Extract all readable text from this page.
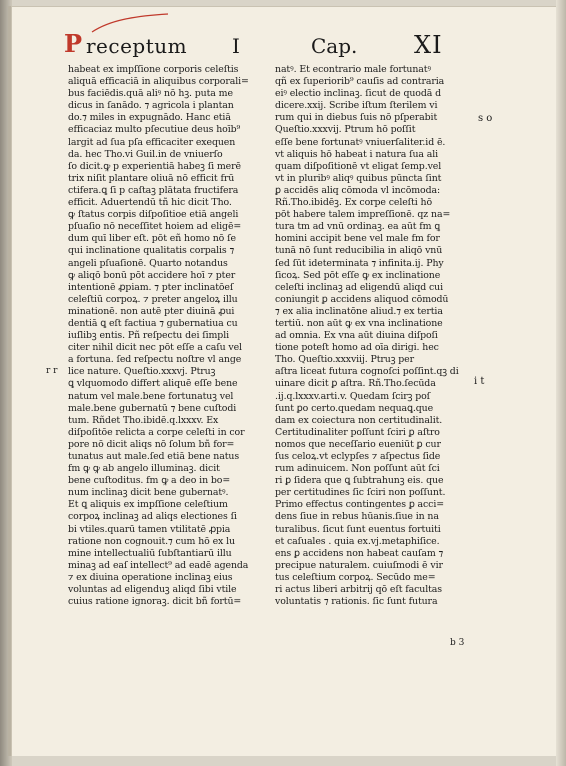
P receptum I	Cap. XI
habeat ex impſſione corporis celeſtis
aliquā efficaciā in aliquibus corporali=
bus faciēdis.quā aliꝰ nō hꝫ. puta me
dicus in ſanādo. ⁊ agricola i plantan
do.⁊ miles in expugnādo. Hanc etiā
efficaciaz multo pſecutiue deus hoīb⁹
largit ad ſua pſa efficaciter exequen
da. hec Tho.vi Guil.in de vniuerſo
ſo dicit.ꝙ p experientiā habeꝫ ſi merē
trix niſit plantare oliuā nō efficit frū
ctifera.ꝗ ſi p caſtaꝫ plātata fructifera
efficit. Aduertendū tñ hic dicit Tho.
ꝙ ſtatus corpis diſpoſitioe etiā angeli
pſuaſio nō neceſſitet hoiem ad eligē=
dum quī liber eſt. pōt eñ homo nō ſe
qui inclinatione qualitatis corpalis ⁊
angeli pſuaſionē. Quarto notandus
ꝙ aliqō bonū pōt accidere hoī ⁊ pter
intentionē ꝓpiam. ⁊ pter inclinatōeſ
celeſtiū corpoꝝ. ⁊ preter angeloꝝ illu
minationē. non autē pter diuinā ꝓui
dentiā ꝗ eſt factiua ⁊ gubernatiua cu
iuſlibꝫ entis. Pñ reſpectu dei ſimpli
citer nihil dicit nec pōt eſſe a caſu vel
a fortuna. ſed reſpectu noſtre vl ange
lice nature. Queſtio.xxxvj. Ptruꝫ
ꝗ vlquomodo differt aliquē eſſe bene
natum vel male.bene fortunatuꝫ vel
male.bene gubernatū ⁊ bene cuſtodi
tum. Rñdet Tho.ibidē.q.lxxxv. Ex
diſpoſitōe relicta a corpe celeſti in cor
pore nō dicit aliqs nō ſolum bñ for=
tunatus aut male.ſed etiā bene natus
fm ꝙ ꝙ ab angelo illuminaꝫ. dicit
bene cuſtoditus. fm ꝙ a deo in bo=
num inclinaꝫ dicit bene gubernatꝰ.
Et ꝗ aliquis ex impſſione celeſtium
corpoꝝ inclinaꝫ ad aliqs electiones ſi
bi vtiles.quarū tamen vtilitatē ꝓpia
ratione non cognouit.⁊ cum hō ex lu
mine intellectualiū ſubſtantiarū illu
minaꝫ ad eaſ intellect⁹ ad eadē agenda
⁊ ex diuina operatione inclinaꝫ eius
voluntas ad eligenduꝫ aliqd ſibi vtile
cuius ratione ignoraꝫ. dicit bñ fortū=
natꝰ. Et econtrario male fortunatꝰ
qñ ex ſuperiorib⁹ cauſis ad contraria
eiꝰ electio inclinaꝫ. ſicut de quodā d
dicere.xxij. Scribe iſtum ſterilem vi
rum qui in diebus ſuis nō pſperabit
Queſtio.xxxvij. Ptrum hō poſſit
eſſe bene fortunatꝰ vniuerſaliter.id ē.
vt aliquis hō habeat i natura ſua ali
quam diſpoſitionē vt eligat ſemp.vel
vt in pluribꝰ aliqꝰ quibus pūncta ſint
ꝑ accidēs aliq cōmoda vl incōmoda:
Rñ.Tho.ibidēꝫ. Ex corpe celeſti hō
pōt habere talem impreſſionē. qz na=
tura tm ad vnū ordinaꝫ. ea aūt fm ꝗ
homini accipit bene vel male fm for
tunā nō ſunt reducibilia in aliqō vnū
ſed ſūt ideterminata ⁊ infinita.ij. Phy
ſicoꝝ. Sed pōt eſſe ꝙ ex inclinatione
celeſti inclinaꝫ ad eligendū aliqd cui
coniungit ꝑ accidens aliquod cōmodū
⁊ ex alia inclinatōne aliud.⁊ ex tertia
tertiū. non aūt ꝙ ex vna inclinatione
ad omnia. Ex vna aūt diuina diſpoſi
tione poteſt homo ad oīa dirigi. hec
Tho. Queſtio.xxxviij. Ptruꝫ per
aſtra liceat futura cognoſci poſſint.qꝫ di
uinare dicit ꝑ aſtra. Rñ.Tho.ſecūda
.ij.q.lxxxv.arti.v. Quedam ſcirꝫ poſ
ſunt ꝑo certo.quedam nequaꝗ.que
dam ex coiectura non certitudinalit.
Certitudinaliter poſſunt ſciri ꝑ aſtro
nomos que neceſſario eueniūt ꝑ cur
ſus celoꝝ.vt eclypſes ⁊ aſpectus ſide
rum adinuicem. Non poſſunt aūt ſci
ri ꝑ ſidera que ꝗ ſubtrahunꝫ eis. que
per certitudines ſic ſciri non poſſunt.
Primo effectus contingentes ꝑ acci=
dens ſiue in rebus hūanis.ſiue in na
turalibus. ſicut ſunt euentus fortuiti
et caſuales . quia ex.vj.metaphiſice.
ens ꝑ accidens non habeat cauſam ⁊
precipue naturalem. cuiuſmodi ē vir
tus celeſtium corpoꝝ. Secūdo me=
ri actus liberi arbitrij qō eſt facultas
voluntatis ⁊ rationis. ſic ſunt futura
r r
s o
i t
b 3
